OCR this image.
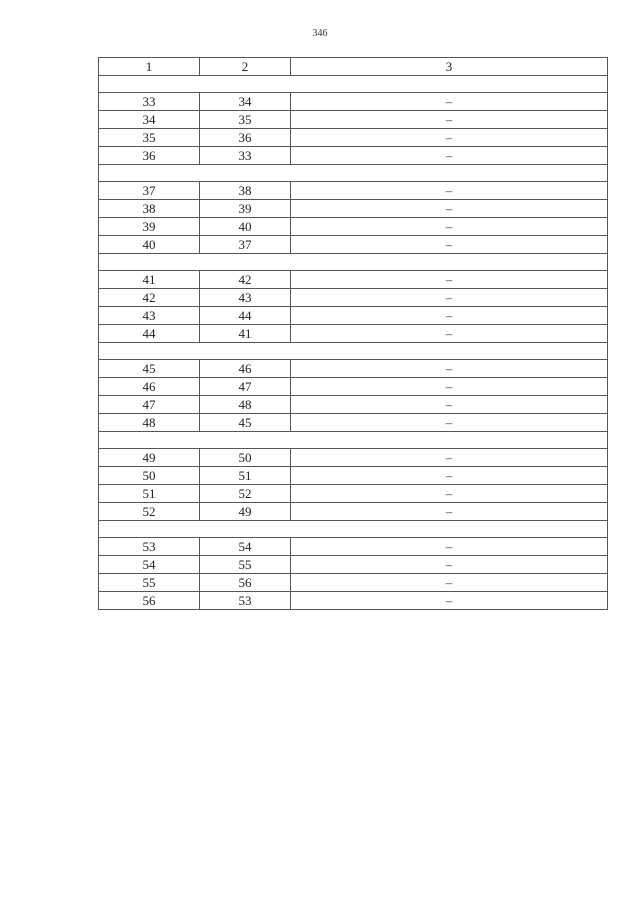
346
1	2	3

33	34	–
34	35	–
35	36	–
36	33	–

37	38	–
38	39	–
39	40	–
40	37	–

41	42	–
42	43	–
43	44	–
44	41	–

45	46	–
46	47	–
47	48	–
48	45	–

49	50	–
50	51	–
51	52	–
52	49	–

53	54	–
54	55	–
55	56	–
56	53	–
